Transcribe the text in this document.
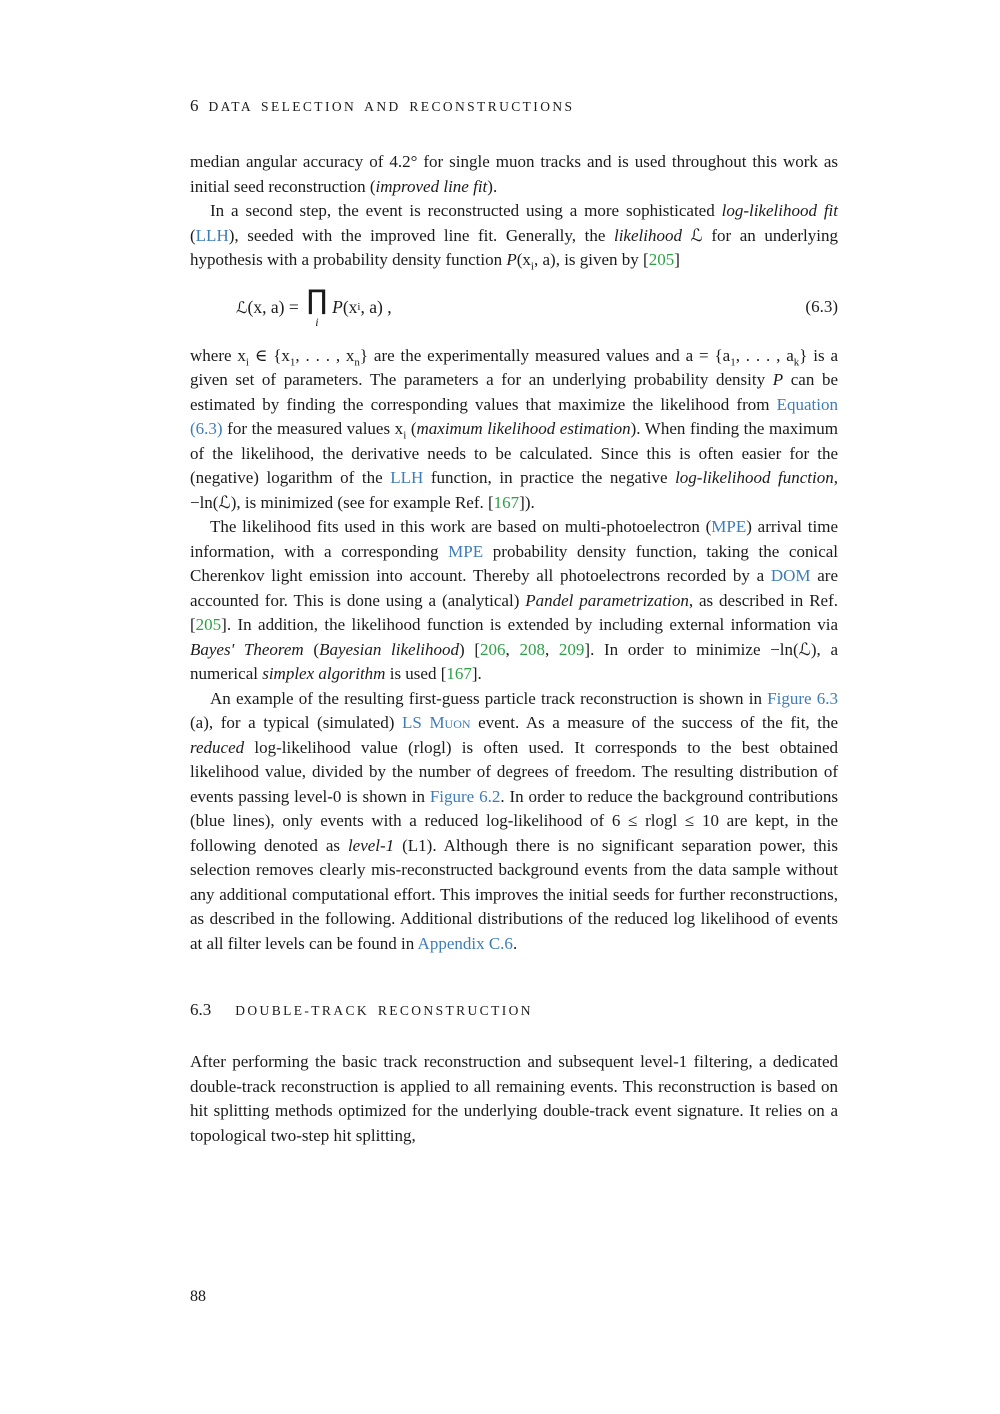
6 DATA SELECTION AND RECONSTRUCTIONS

median angular accuracy of 4.2° for single muon tracks and is used throughout this work as initial seed reconstruction (improved line fit).

In a second step, the event is reconstructed using a more sophisticated log-likelihood fit (LLH), seeded with the improved line fit. Generally, the likelihood ℒ for an underlying hypothesis with a probability density function $P(x_i$, a), is given by [205]

ℒ (x, a) = ∏
i
P (x i , a) ,	(6.3)

where $x_i$ ∈ {$x_1$, . . . , $x_n$} are the experimentally measured values and $a = \{a_1$, . . . , $a_k$} is a given set of parameters. The parameters a for an underlying probability density P can be estimated by finding the corresponding values that maximize the likelihood from Equation (6.3) for the measured values $x_i$ (maximum likelihood estimation). When finding the maximum of the likelihood, the derivative needs to be calculated. Since this is often easier for the (negative) logarithm of the LLH function, in practice the negative log-likelihood function, −ln(ℒ), is minimized (see for example Ref. [167]).

The likelihood fits used in this work are based on multi-photoelectron (MPE) arrival time information, with a corresponding MPE probability density function, taking the conical Cherenkov light emission into account. Thereby all photoelectrons recorded by a DOM are accounted for. This is done using a (analytical) Pandel parametrization, as described in Ref. [205]. In addition, the likelihood function is extended by including external information via Bayes' Theorem (Bayesian likelihood) [206, 208, 209]. In order to minimize −ln(ℒ), a numerical simplex algorithm is used [167].

An example of the resulting first-guess particle track reconstruction is shown in Figure 6.3 (a), for a typical (simulated) LS Muon event. As a measure of the success of the fit, the reduced log-likelihood value (rlogl) is often used. It corresponds to the best obtained likelihood value, divided by the number of degrees of freedom. The resulting distribution of events passing level-0 is shown in Figure 6.2. In order to reduce the background contributions (blue lines), only events with a reduced log-likelihood of 6 ≤ rlogl ≤ 10 are kept, in the following denoted as level-1 (L1). Although there is no significant separation power, this selection removes clearly mis-reconstructed background events from the data sample without any additional computational effort. This improves the initial seeds for further reconstructions, as described in the following. Additional distributions of the reduced log likelihood of events at all filter levels can be found in Appendix C.6.

6.3 DOUBLE-TRACK RECONSTRUCTION

After performing the basic track reconstruction and subsequent level-1 filtering, a dedicated double-track reconstruction is applied to all remaining events. This reconstruction is based on hit splitting methods optimized for the underlying double-track event signature. It relies on a topological two-step hit splitting,

88
